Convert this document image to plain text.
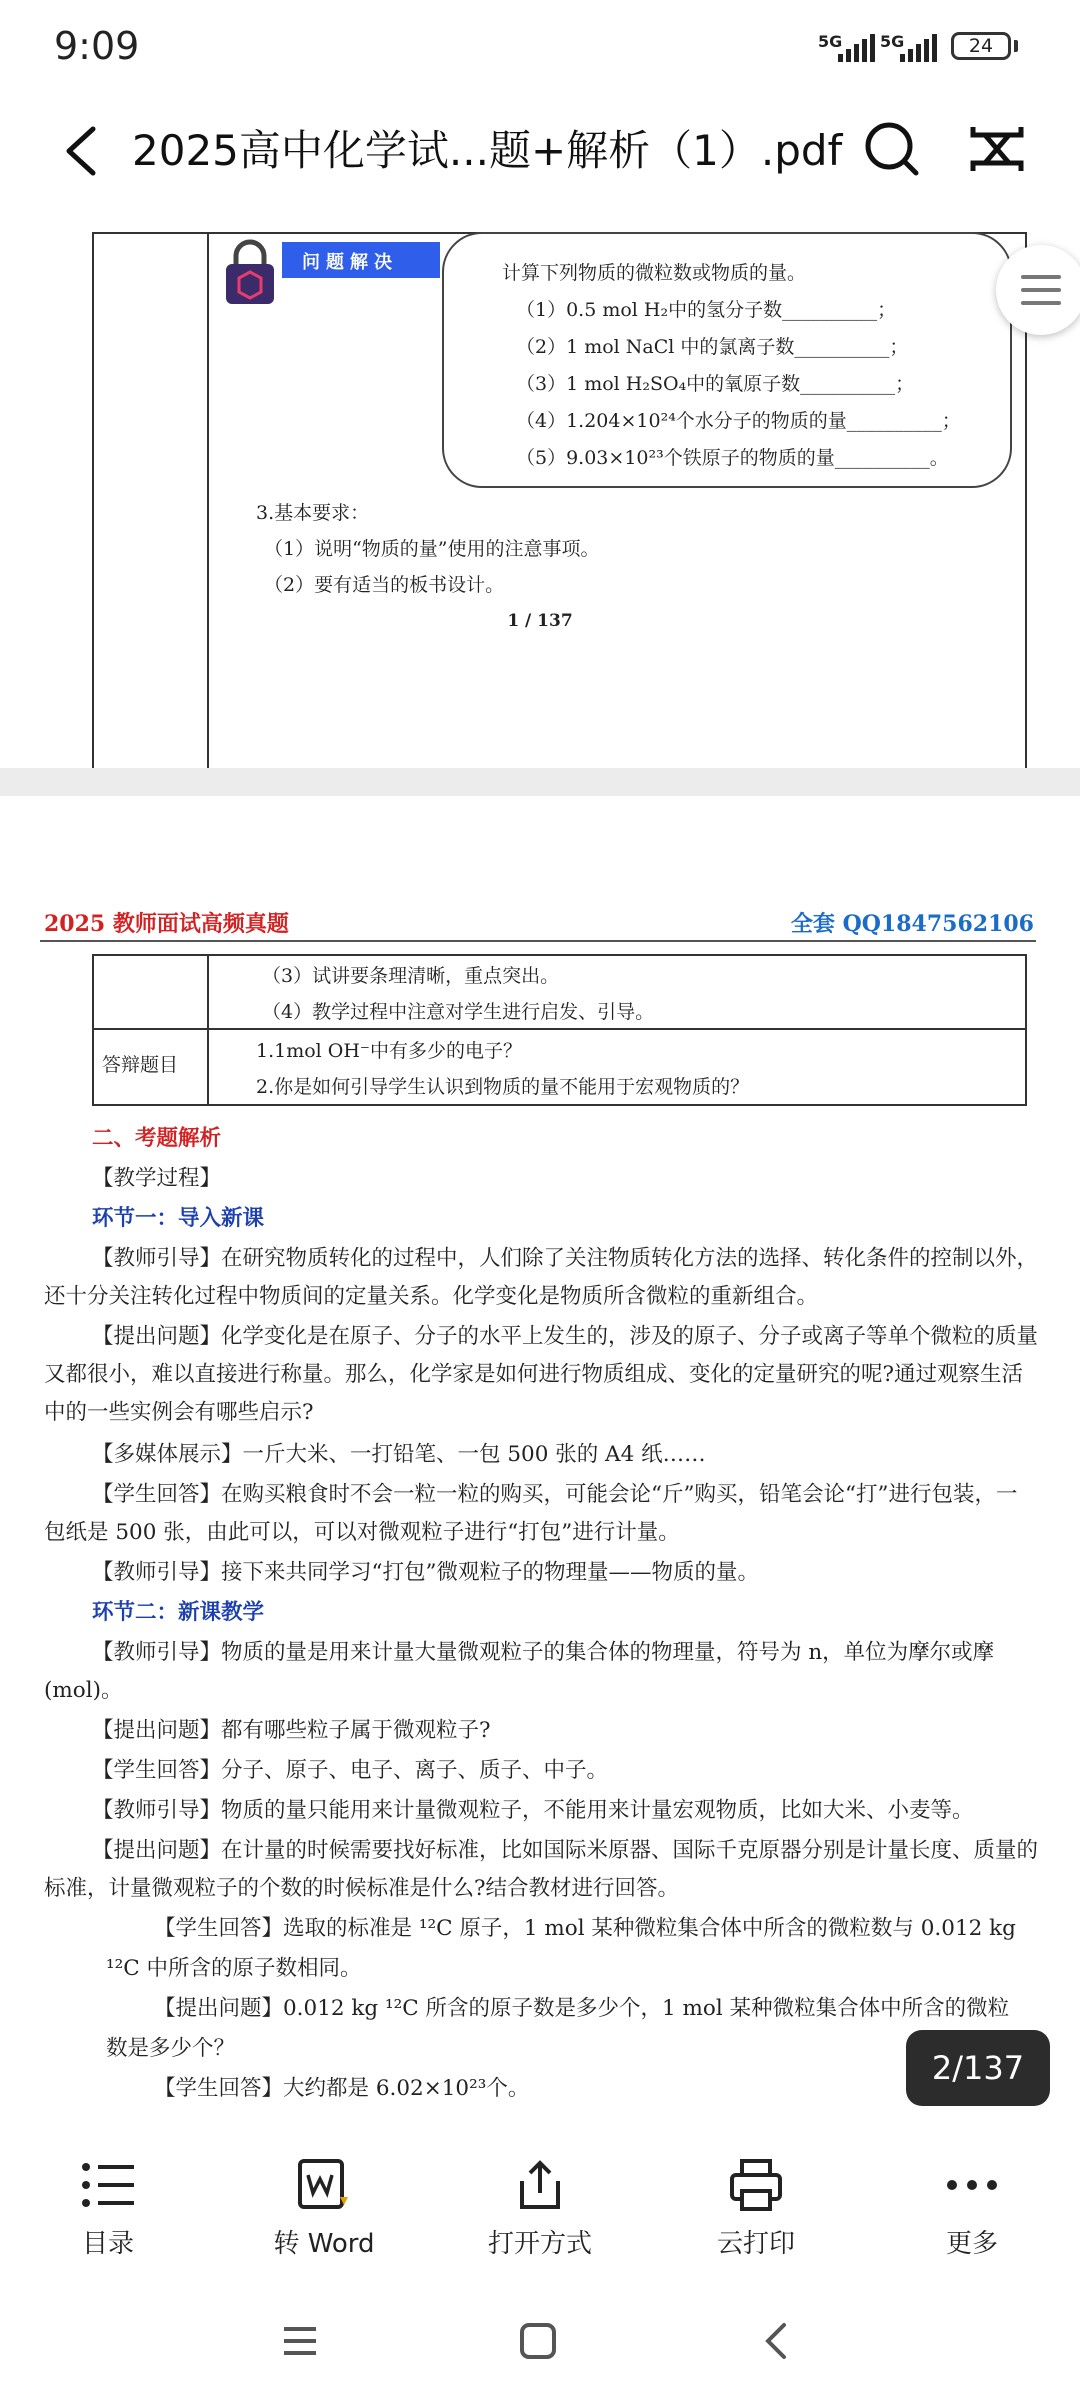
9:09	5G 5G	24
2025高中化学试...题+解析（1）.pdf
问题解决	计算下列物质的微粒数或物质的量。
（1）0.5 mol H₂中的氢分子数__________；
（2）1 mol NaCl 中的氯离子数__________；
（3）1 mol H₂SO₄中的氧原子数__________；
（4）1.204×10²⁴个水分子的物质的量__________；
（5）9.03×10²³个铁原子的物质的量__________。
3.基本要求：
（1）说明“物质的量”使用的注意事项。
（2）要有适当的板书设计。
1 / 137
2025 教师面试高频真题	全套 QQ1847562106
（3）试讲要条理清晰，重点突出。
（4）教学过程中注意对学生进行启发、引导。
答辩题目
1.1mol OH⁻中有多少的电子？
2.你是如何引导学生认识到物质的量不能用于宏观物质的？
二、考题解析
【教学过程】
环节一：导入新课
【教师引导】在研究物质转化的过程中，人们除了关注物质转化方法的选择、转化条件的控制以外，还十分关注转化过程中物质间的定量关系。化学变化是物质所含微粒的重新组合。
【提出问题】化学变化是在原子、分子的水平上发生的，涉及的原子、分子或离子等单个微粒的质量又都很小，难以直接进行称量。那么，化学家是如何进行物质组成、变化的定量研究的呢?通过观察生活中的一些实例会有哪些启示?
【多媒体展示】一斤大米、一打铅笔、一包 500 张的 A4 纸……
【学生回答】在购买粮食时不会一粒一粒的购买，可能会论“斤”购买，铅笔会论“打”进行包装，一包纸是 500 张，由此可以，可以对微观粒子进行“打包”进行计量。
【教师引导】接下来共同学习“打包”微观粒子的物理量——物质的量。
环节二：新课教学
【教师引导】物质的量是用来计量大量微观粒子的集合体的物理量，符号为 n，单位为摩尔或摩(mol)。
【提出问题】都有哪些粒子属于微观粒子?
【学生回答】分子、原子、电子、离子、质子、中子。
【教师引导】物质的量只能用来计量微观粒子，不能用来计量宏观物质，比如大米、小麦等。
【提出问题】在计量的时候需要找好标准，比如国际米原器、国际千克原器分别是计量长度、质量的标准，计量微观粒子的个数的时候标准是什么?结合教材进行回答。
【学生回答】选取的标准是 ¹²C 原子，1 mol 某种微粒集合体中所含的微粒数与 0.012 kg
¹²C 中所含的原子数相同。
【提出问题】0.012 kg ¹²C 所含的原子数是多少个，1 mol 某种微粒集合体中所含的微粒
数是多少个？
【学生回答】大约都是 6.02×10²³个。
2/137
目录	转 Word	打开方式	云打印	更多
